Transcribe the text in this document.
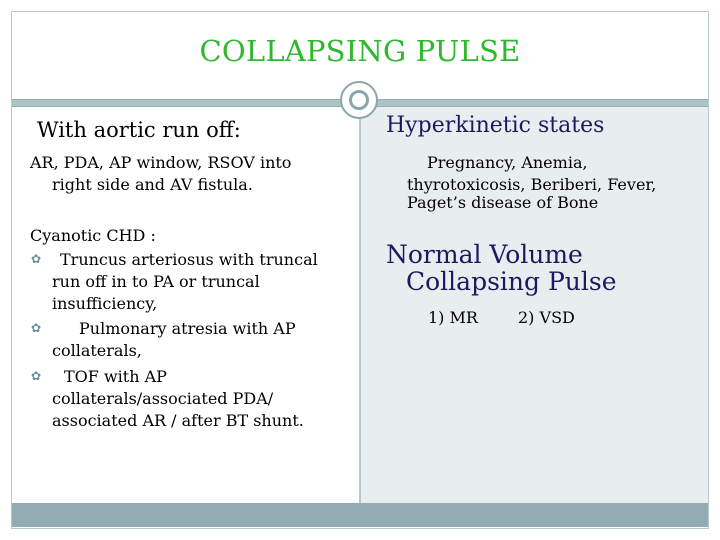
COLLAPSING PULSE
With aortic run off:
AR, PDA, AP window, RSOV into
right side and AV fistula.
Cyanotic CHD :
✿ Truncus arteriosus with truncal
run off in to PA or truncal
insufficiency,
✿ Pulmonary atresia with AP
collaterals,
✿ TOF with AP
collaterals/associated PDA/
associated AR / after BT shunt.
Hyperkinetic states
Pregnancy, Anemia,
thyrotoxicosis, Beriberi, Fever,
Paget’s disease of Bone
Normal Volume
Collapsing Pulse
1) MR	2) VSD
